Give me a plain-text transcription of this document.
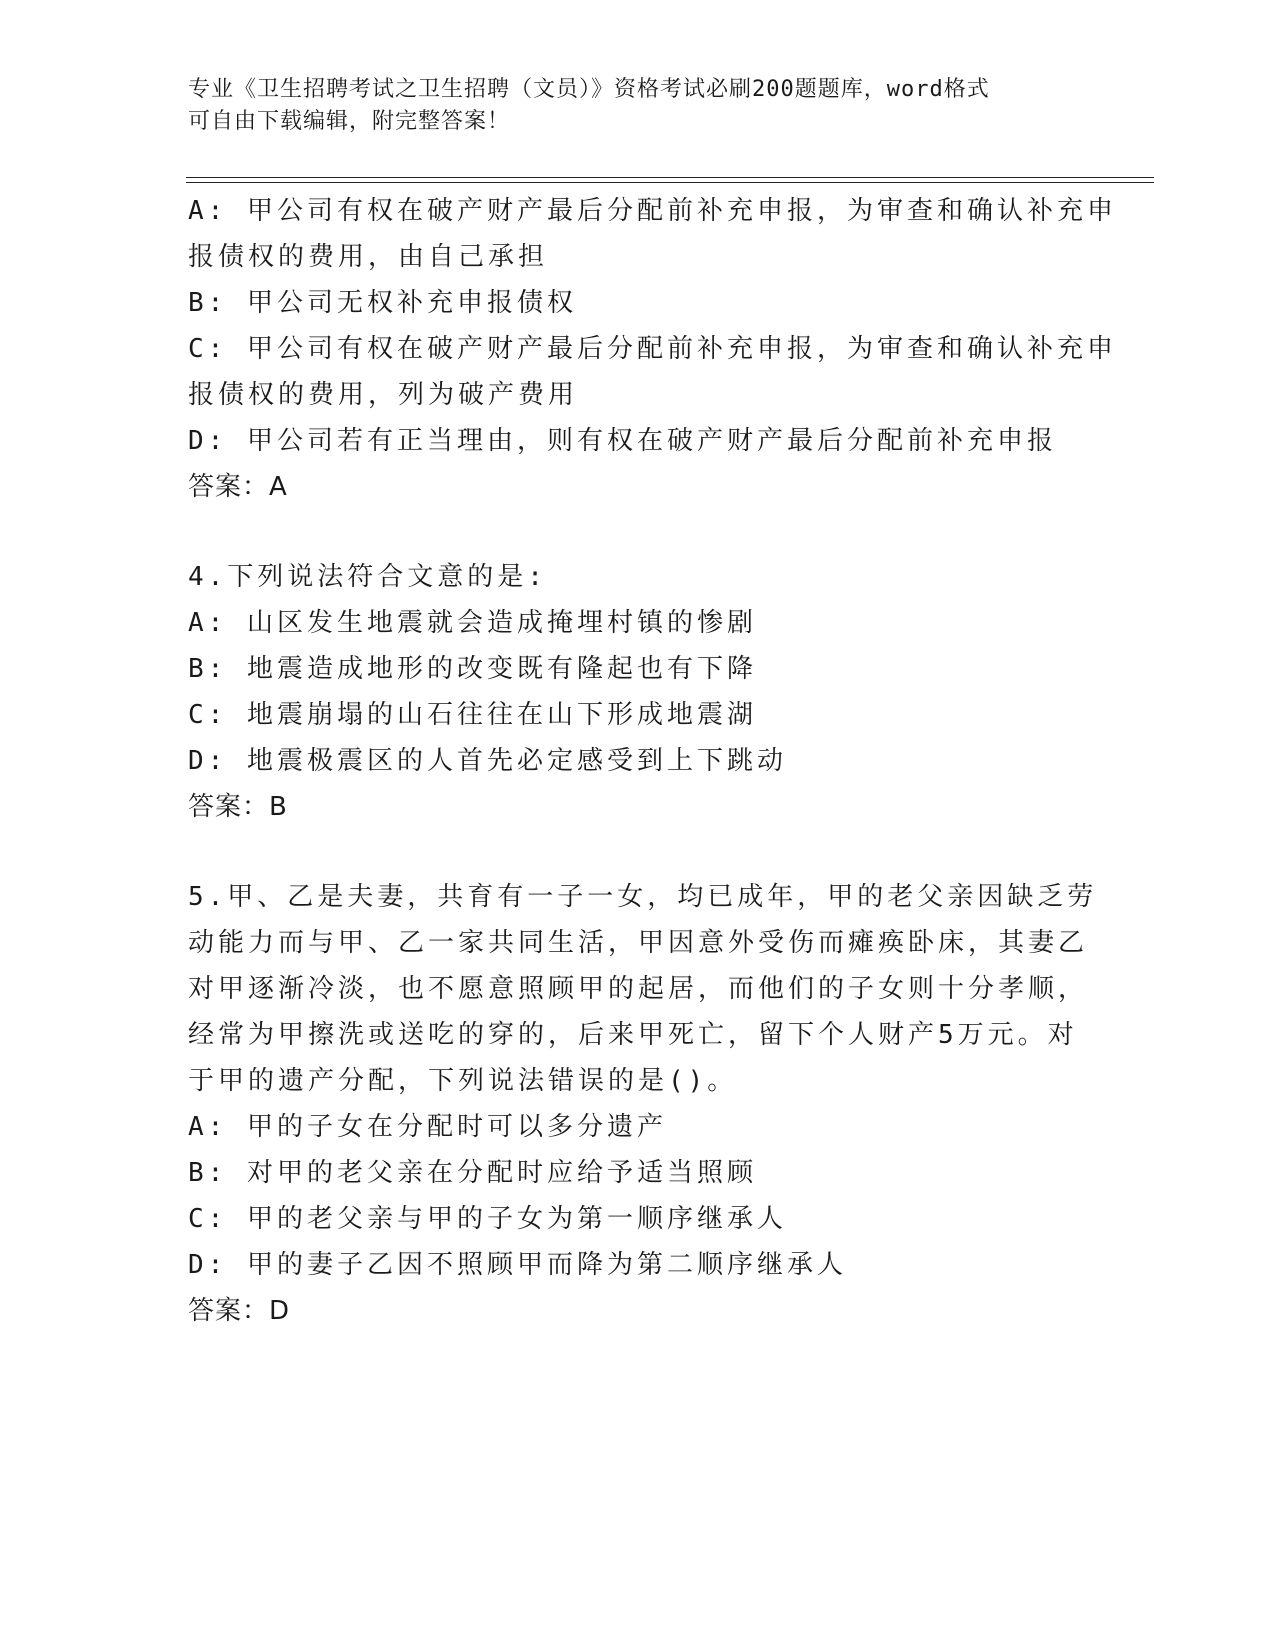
专业《卫生招聘考试之卫生招聘（文员）》资格考试必刷200题题库，word格式
可自由下载编辑，附完整答案！
A: 甲公司有权在破产财产最后分配前补充申报，为审查和确认补充申
报债权的费用，由自己承担
B: 甲公司无权补充申报债权
C: 甲公司有权在破产财产最后分配前补充申报，为审查和确认补充申
报债权的费用，列为破产费用
D: 甲公司若有正当理由，则有权在破产财产最后分配前补充申报
答案：A
4.下列说法符合文意的是:
A: 山区发生地震就会造成掩埋村镇的惨剧
B: 地震造成地形的改变既有隆起也有下降
C: 地震崩塌的山石往往在山下形成地震湖
D: 地震极震区的人首先必定感受到上下跳动
答案：B
5.甲、乙是夫妻，共育有一子一女，均已成年，甲的老父亲因缺乏劳
动能力而与甲、乙一家共同生活，甲因意外受伤而瘫痪卧床，其妻乙
对甲逐渐冷淡，也不愿意照顾甲的起居，而他们的子女则十分孝顺，
经常为甲擦洗或送吃的穿的，后来甲死亡，留下个人财产5万元。对
于甲的遗产分配，下列说法错误的是()。
A: 甲的子女在分配时可以多分遗产
B: 对甲的老父亲在分配时应给予适当照顾
C: 甲的老父亲与甲的子女为第一顺序继承人
D: 甲的妻子乙因不照顾甲而降为第二顺序继承人
答案：D
